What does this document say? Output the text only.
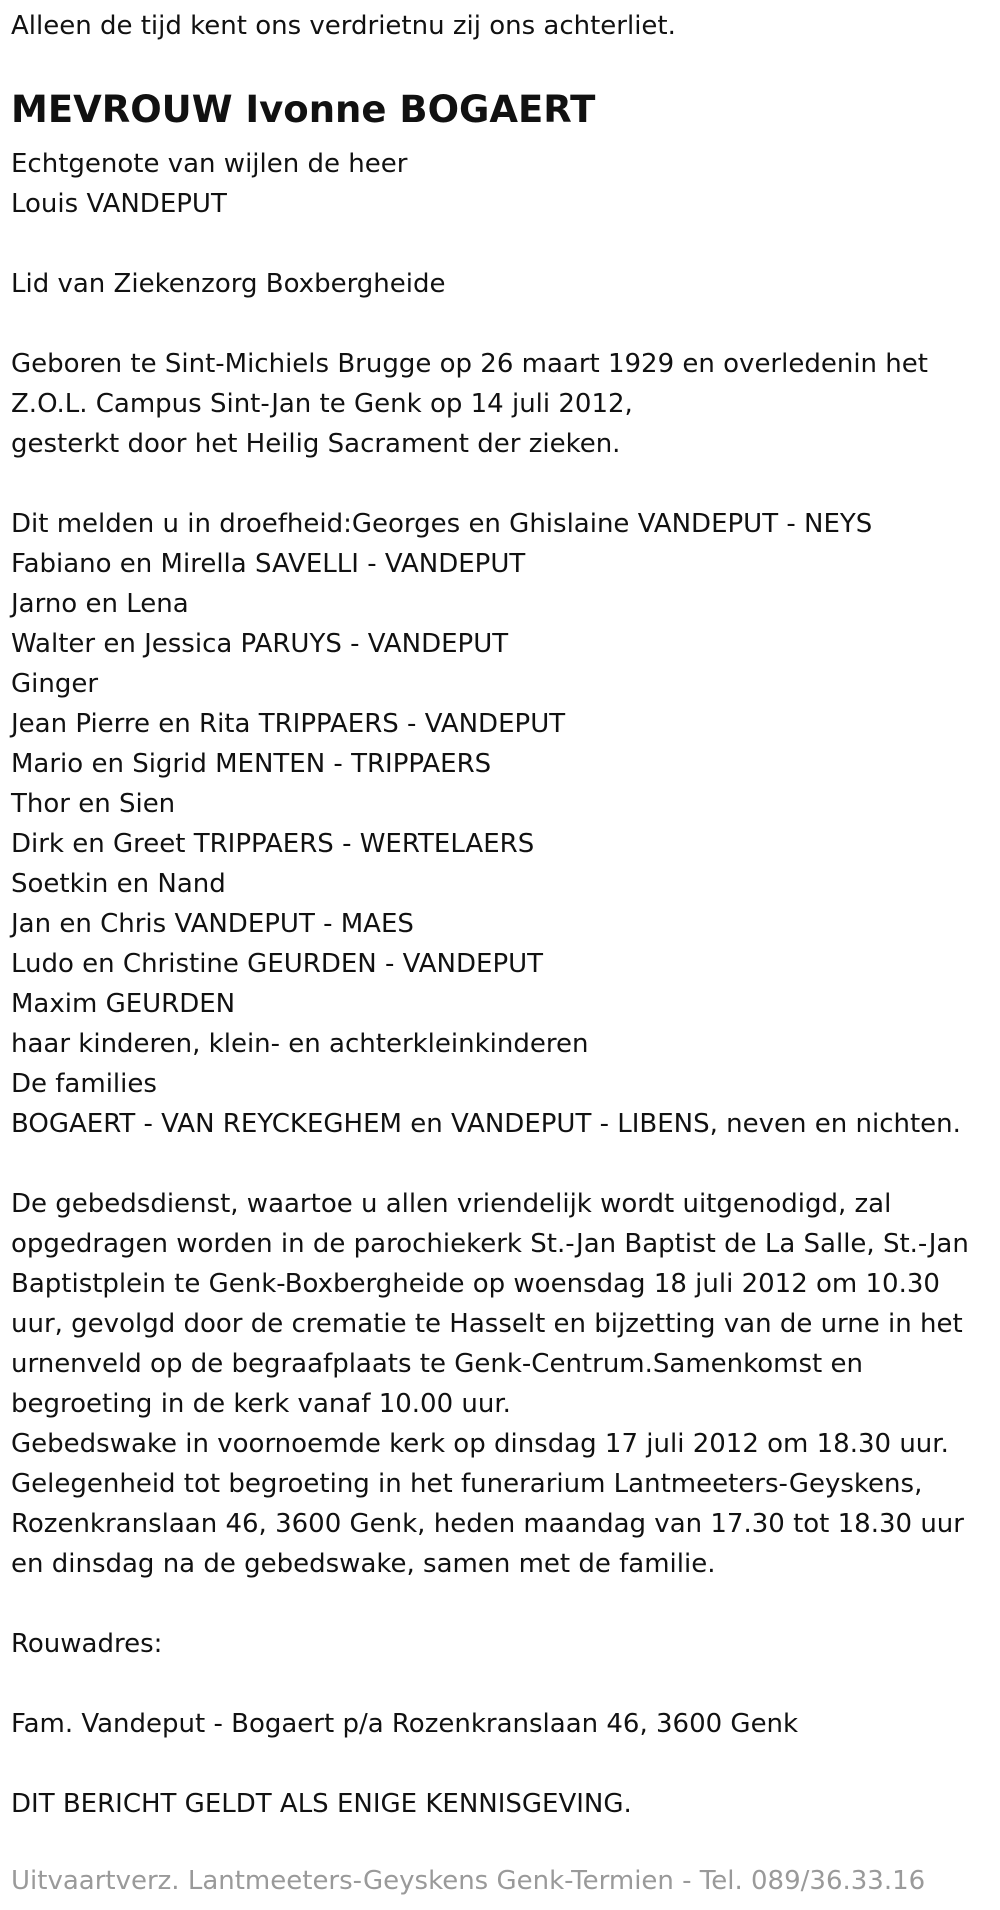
Alleen de tijd kent ons verdrietnu zij ons achterliet.

MEVROUW Ivonne BOGAERT

Echtgenote van wijlen de heer

Louis VANDEPUT

Lid van Ziekenzorg Boxbergheide

Geboren te Sint-Michiels Brugge op 26 maart 1929 en overledenin het

Z.O.L. Campus Sint-Jan te Genk op 14 juli 2012,

gesterkt door het Heilig Sacrament der zieken.

Dit melden u in droefheid:Georges en Ghislaine VANDEPUT - NEYS

Fabiano en Mirella SAVELLI - VANDEPUT

Jarno en Lena

Walter en Jessica PARUYS - VANDEPUT

Ginger

Jean Pierre en Rita TRIPPAERS - VANDEPUT

Mario en Sigrid MENTEN - TRIPPAERS

Thor en Sien

Dirk en Greet TRIPPAERS - WERTELAERS

Soetkin en Nand

Jan en Chris VANDEPUT - MAES

Ludo en Christine GEURDEN - VANDEPUT

Maxim GEURDEN

haar kinderen, klein- en achterkleinkinderen

De families

BOGAERT - VAN REYCKEGHEM en VANDEPUT - LIBENS, neven en nichten.

De gebedsdienst, waartoe u allen vriendelijk wordt uitgenodigd, zal

opgedragen worden in de parochiekerk St.-Jan Baptist de La Salle, St.-Jan

Baptistplein te Genk-Boxbergheide op woensdag 18 juli 2012 om 10.30

uur, gevolgd door de crematie te Hasselt en bijzetting van de urne in het

urnenveld op de begraafplaats te Genk-Centrum.Samenkomst en

begroeting in de kerk vanaf 10.00 uur.

Gebedswake in voornoemde kerk op dinsdag 17 juli 2012 om 18.30 uur.

Gelegenheid tot begroeting in het funerarium Lantmeeters-Geyskens,

Rozenkranslaan 46, 3600 Genk, heden maandag van 17.30 tot 18.30 uur

en dinsdag na de gebedswake, samen met de familie.

Rouwadres:

Fam. Vandeput - Bogaert p/a Rozenkranslaan 46, 3600 Genk

DIT BERICHT GELDT ALS ENIGE KENNISGEVING.

Uitvaartverz. Lantmeeters-Geyskens Genk-Termien - Tel. 089/36.33.16
